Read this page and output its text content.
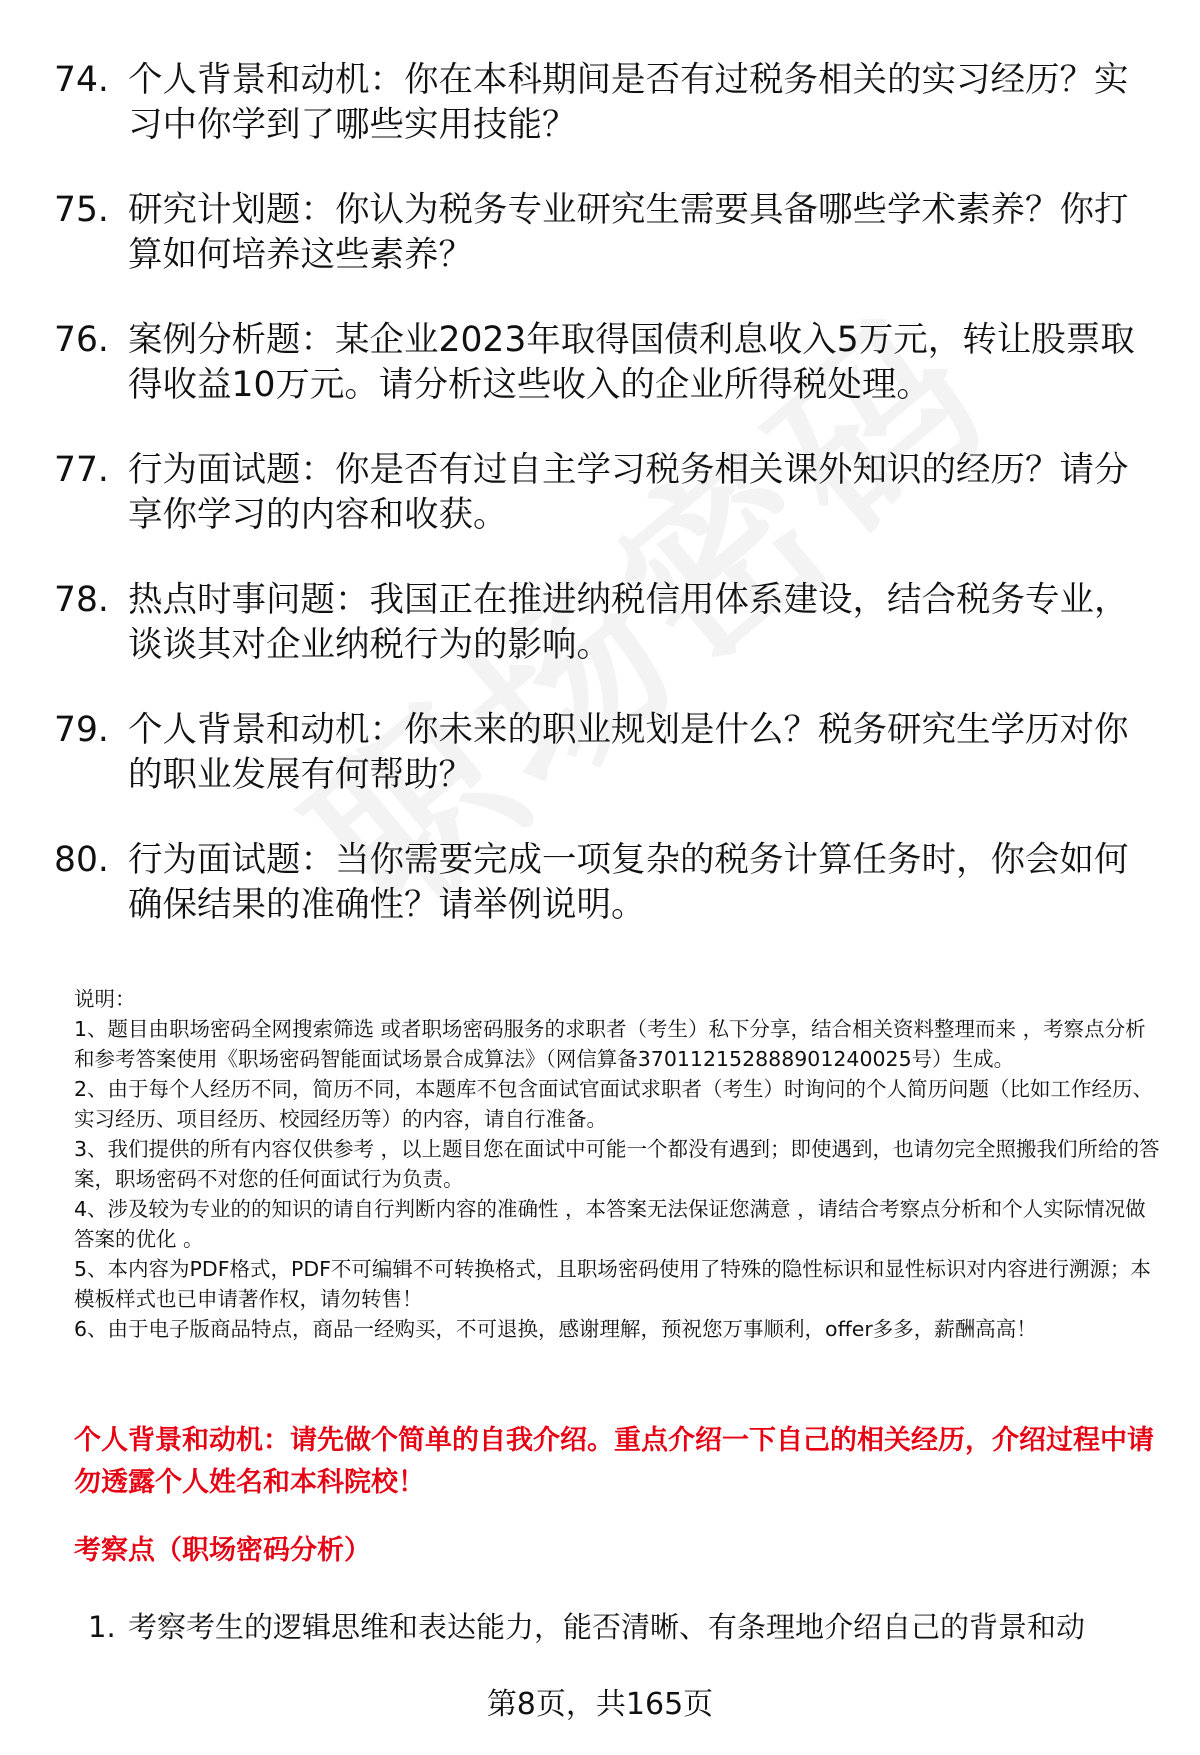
74. 个人背景和动机：你在本科期间是否有过税务相关的实习经历？实习中你学到了哪些实用技能？
75. 研究计划题：你认为税务专业研究生需要具备哪些学术素养？你打算如何培养这些素养？
76. 案例分析题：某企业2023年取得国债利息收入5万元，转让股票取得收益10万元。请分析这些收入的企业所得税处理。
77. 行为面试题：你是否有过自主学习税务相关课外知识的经历？请分享你学习的内容和收获。
78. 热点时事问题：我国正在推进纳税信用体系建设，结合税务专业，谈谈其对企业纳税行为的影响。
79. 个人背景和动机：你未来的职业规划是什么？税务研究生学历对你的职业发展有何帮助？
80. 行为面试题：当你需要完成一项复杂的税务计算任务时，你会如何确保结果的准确性？请举例说明。

说明：

1、题目由职场密码全网搜索筛选 或者职场密码服务的求职者（考生）私下分享，结合相关资料整理而来 ，考察点分析和参考答案使用《职场密码智能面试场景合成算法》（网信算备370112152888901240025号）生成。

2、由于每个人经历不同，简历不同，本题库不包含面试官面试求职者（考生）时询问的个人简历问题（比如工作经历、实习经历、项目经历、校园经历等）的内容，请自行准备。

3、我们提供的所有内容仅供参考 ，以上题目您在面试中可能一个都没有遇到；即使遇到，也请勿完全照搬我们所给的答案，职场密码不对您的任何面试行为负责。

4、涉及较为专业的的知识的请自行判断内容的准确性 ，本答案无法保证您满意 ，请结合考察点分析和个人实际情况做答案的优化 。

5、本内容为PDF格式，PDF不可编辑不可转换格式，且职场密码使用了特殊的隐性标识和显性标识对内容进行溯源；本模板样式也已申请著作权，请勿转售！

6、由于电子版商品特点，商品一经购买，不可退换，感谢理解，预祝您万事顺利，offer多多，薪酬高高！

个人背景和动机：请先做个简单的自我介绍。重点介绍一下自己的相关经历，介绍过程中请勿透露个人姓名和本科院校！

考察点（职场密码分析）

1. 考察考生的逻辑思维和表达能力，能否清晰、有条理地介绍自己的背景和动
第8页，共165页
